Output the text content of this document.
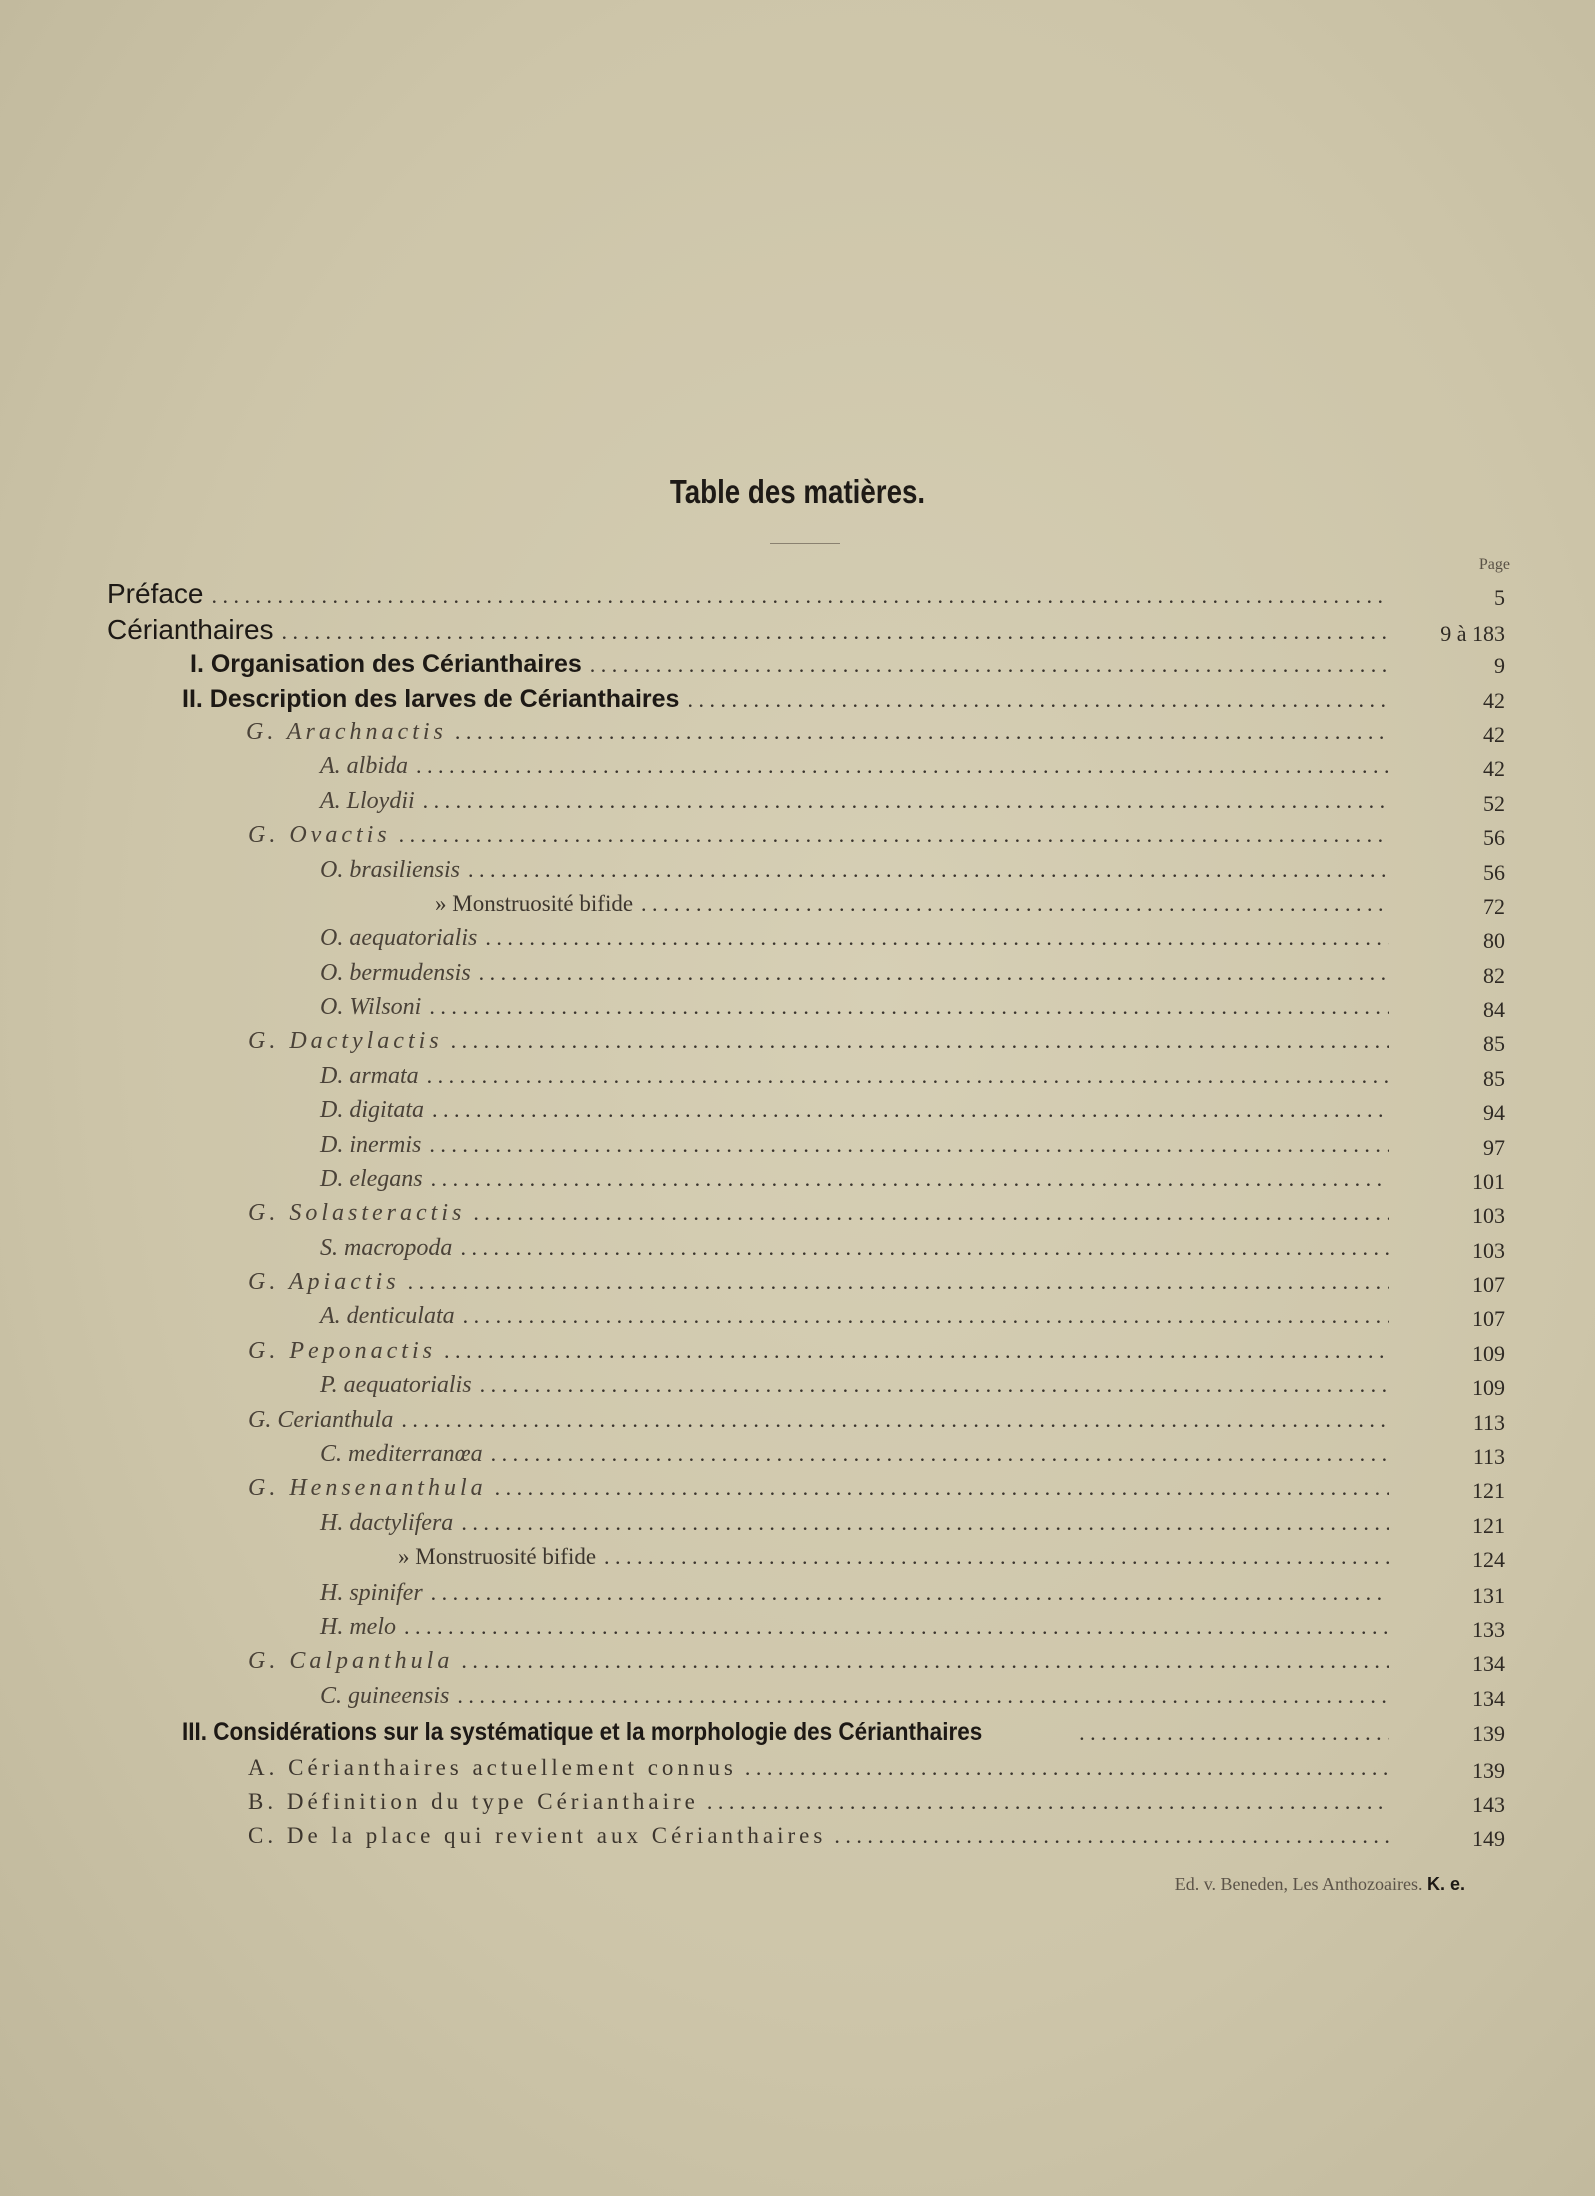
Table des matières.
Page
Préface . . .	5
Cérianthaires . . .	9 à 183
I. Organisation des Cérianthaires . . .	9
II. Description des larves de Cérianthaires . . .	42
G. Arachnactis . . .	42
A. albida . . .	42
A. Lloydii . . .	52
G. Ovactis . . .	56
O. brasiliensis . . .	56
» Monstruosité bifide . . .	72
O. aequatorialis . . .	80
O. bermudensis . . .	82
O. Wilsoni . . .	84
G. Dactylactis . . .	85
D. armata . . .	85
D. digitata . . .	94
D. inermis . . .	97
D. elegans . . .	101
G. Solasteractis . . .	103
S. macropoda . . .	103
G. Apiactis . . .	107
A. denticulata . . .	107
G. Peponactis . . .	109
P. aequatorialis . . .	109
G. Cerianthula . . .	113
C. mediterranœa . . .	113
G. Hensenanthula . . .	121
H. dactylifera . . .	121
» Monstruosité bifide . . .	124
H. spinifer . . .	131
H. melo . . .	133
G. Calpanthula . . .	134
C. guineensis . . .	134
III. Considérations sur la systématique et la morphologie des Cérianthaires . . .	139
A. Cérianthaires actuellement connus . . .	139
B. Définition du type Cérianthaire . . .	143
C. De la place qui revient aux Cérianthaires . . .	149
Ed. v. Beneden, Les Anthozoaires. K. e.
